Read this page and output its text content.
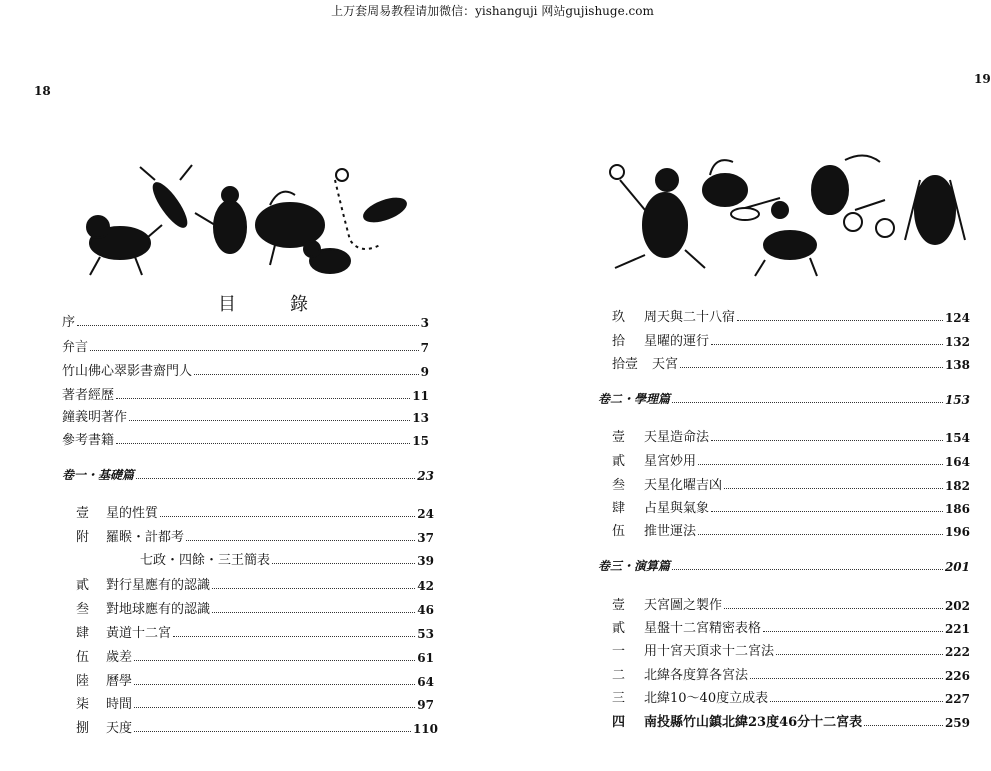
上万套周易教程请加微信：yishanguji 网站gujishuge.com
18
19
目　錄
序	3
弁言	7
竹山佛心翠影書齋門人	9
著者經歷	11
鐘義明著作	13
參考書籍	15
卷一・基礎篇	23
壹	星的性質	24
附	羅睺・計都考	37
七政・四餘・三王簡表	39
貳	對行星應有的認識	42
叁	對地球應有的認識	46
肆	黃道十二宮	53
伍	歲差	61
陸	曆學	64
柒	時間	97
捌	天度	110
玖	周天與二十八宿	124
拾	星曜的運行	132
拾壹	天宮	138
卷二・學理篇	153
壹	天星造命法	154
貳	星宮妙用	164
叁	天星化曜吉凶	182
肆	占星與氣象	186
伍	推世運法	196
卷三・演算篇	201
壹	天宮圖之製作	202
貳	星盤十二宮精密表格	221
一	用十宮天頂求十二宮法	222
二	北緯各度算各宮法	226
三	北緯10～40度立成表	227
四	南投縣竹山鎮北緯23度46分十二宮表	259
